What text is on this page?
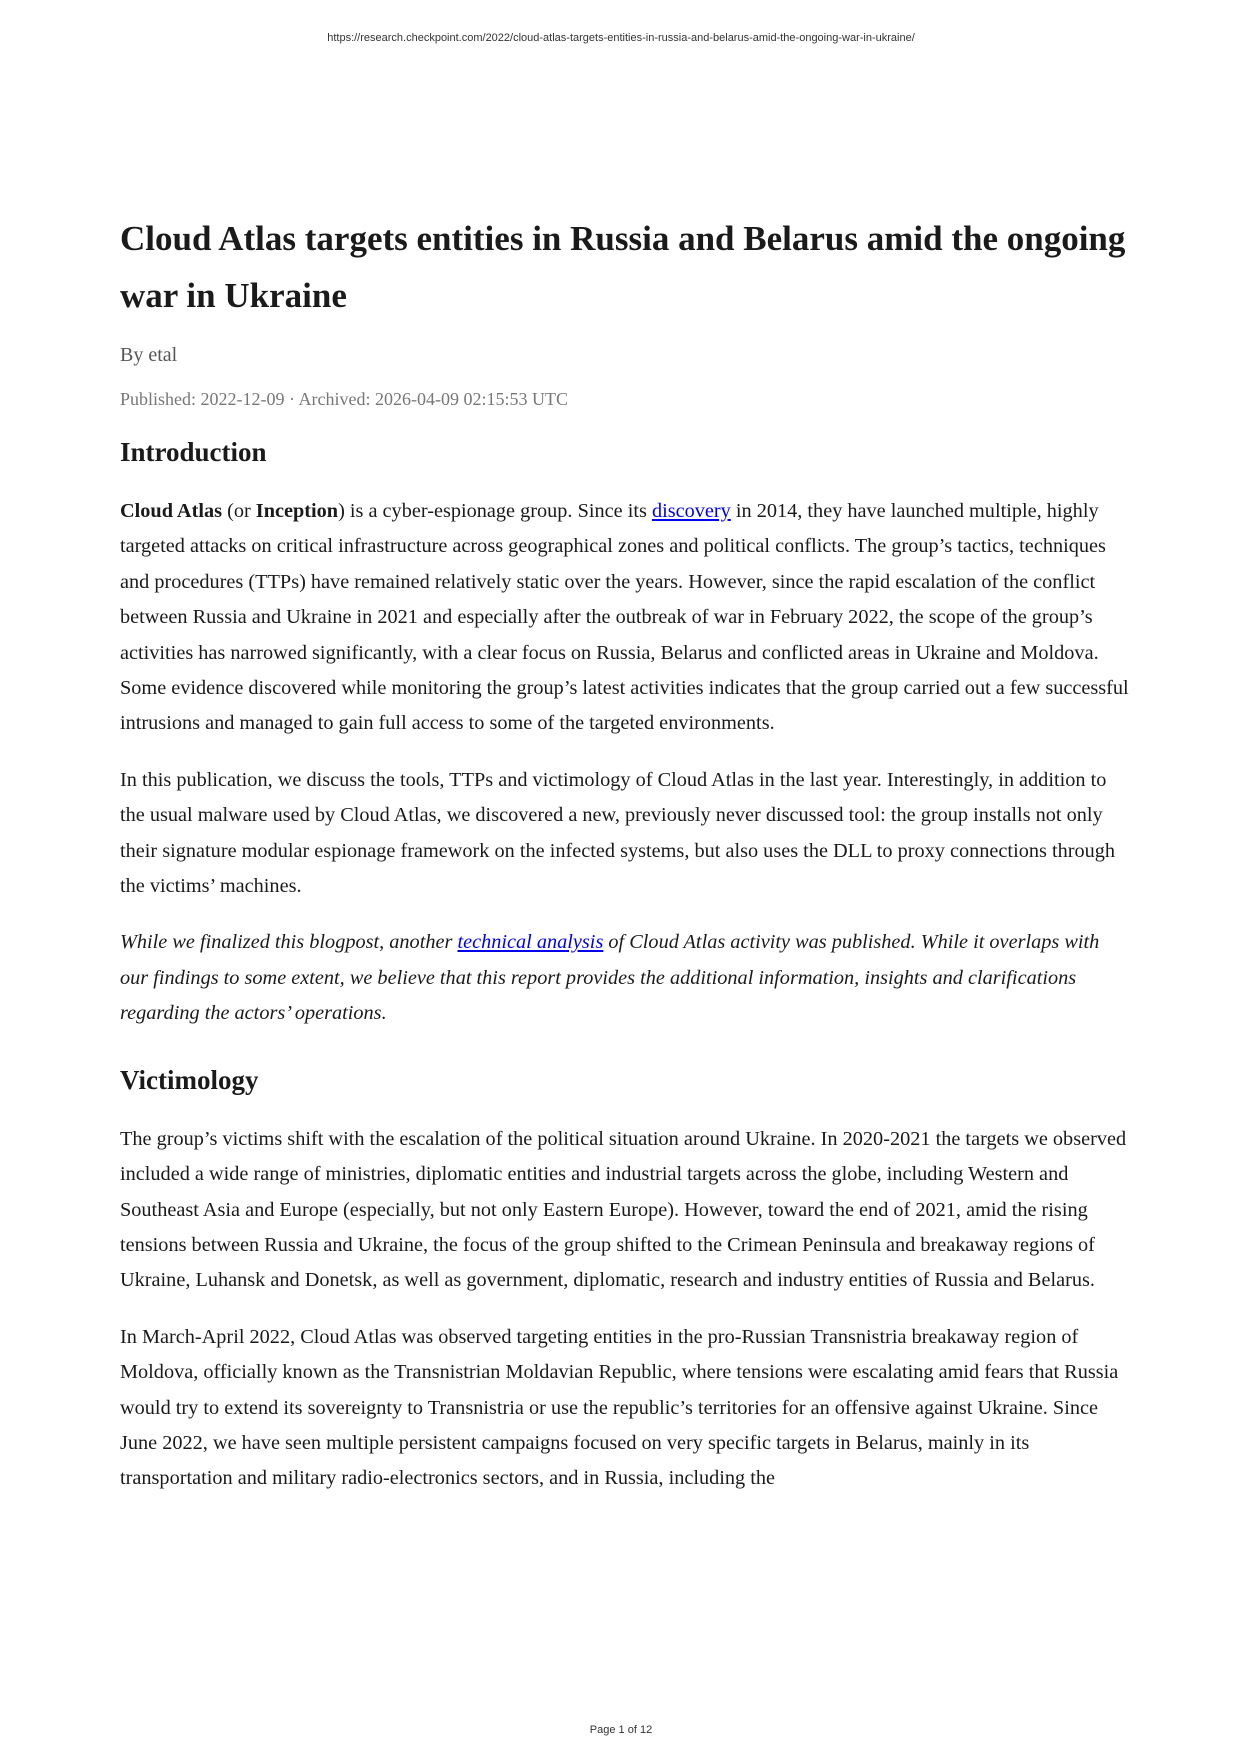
https://research.checkpoint.com/2022/cloud-atlas-targets-entities-in-russia-and-belarus-amid-the-ongoing-war-in-ukraine/
Cloud Atlas targets entities in Russia and Belarus amid the ongoing war in Ukraine
By etal
Published: 2022-12-09 · Archived: 2026-04-09 02:15:53 UTC
Introduction

Cloud Atlas (or Inception) is a cyber-espionage group. Since its discovery in 2014, they have launched multiple, highly targeted attacks on critical infrastructure across geographical zones and political conflicts. The group’s tactics, techniques and procedures (TTPs) have remained relatively static over the years. However, since the rapid escalation of the conflict between Russia and Ukraine in 2021 and especially after the outbreak of war in February 2022, the scope of the group’s activities has narrowed significantly, with a clear focus on Russia, Belarus and conflicted areas in Ukraine and Moldova. Some evidence discovered while monitoring the group’s latest activities indicates that the group carried out a few successful intrusions and managed to gain full access to some of the targeted environments.

In this publication, we discuss the tools, TTPs and victimology of Cloud Atlas in the last year. Interestingly, in addition to the usual malware used by Cloud Atlas, we discovered a new, previously never discussed tool: the group installs not only their signature modular espionage framework on the infected systems, but also uses the DLL to proxy connections through the victims’ machines.

While we finalized this blogpost, another technical analysis of Cloud Atlas activity was published. While it overlaps with our findings to some extent, we believe that this report provides the additional information, insights and clarifications regarding the actors’ operations.

Victimology

The group’s victims shift with the escalation of the political situation around Ukraine. In 2020-2021 the targets we observed included a wide range of ministries, diplomatic entities and industrial targets across the globe, including Western and Southeast Asia and Europe (especially, but not only Eastern Europe). However, toward the end of 2021, amid the rising tensions between Russia and Ukraine, the focus of the group shifted to the Crimean Peninsula and breakaway regions of Ukraine, Luhansk and Donetsk, as well as government, diplomatic, research and industry entities of Russia and Belarus.

In March-April 2022, Cloud Atlas was observed targeting entities in the pro-Russian Transnistria breakaway region of Moldova, officially known as the Transnistrian Moldavian Republic, where tensions were escalating amid fears that Russia would try to extend its sovereignty to Transnistria or use the republic’s territories for an offensive against Ukraine. Since June 2022, we have seen multiple persistent campaigns focused on very specific targets in Belarus, mainly in its transportation and military radio-electronics sectors, and in Russia, including the

Page 1 of 12
